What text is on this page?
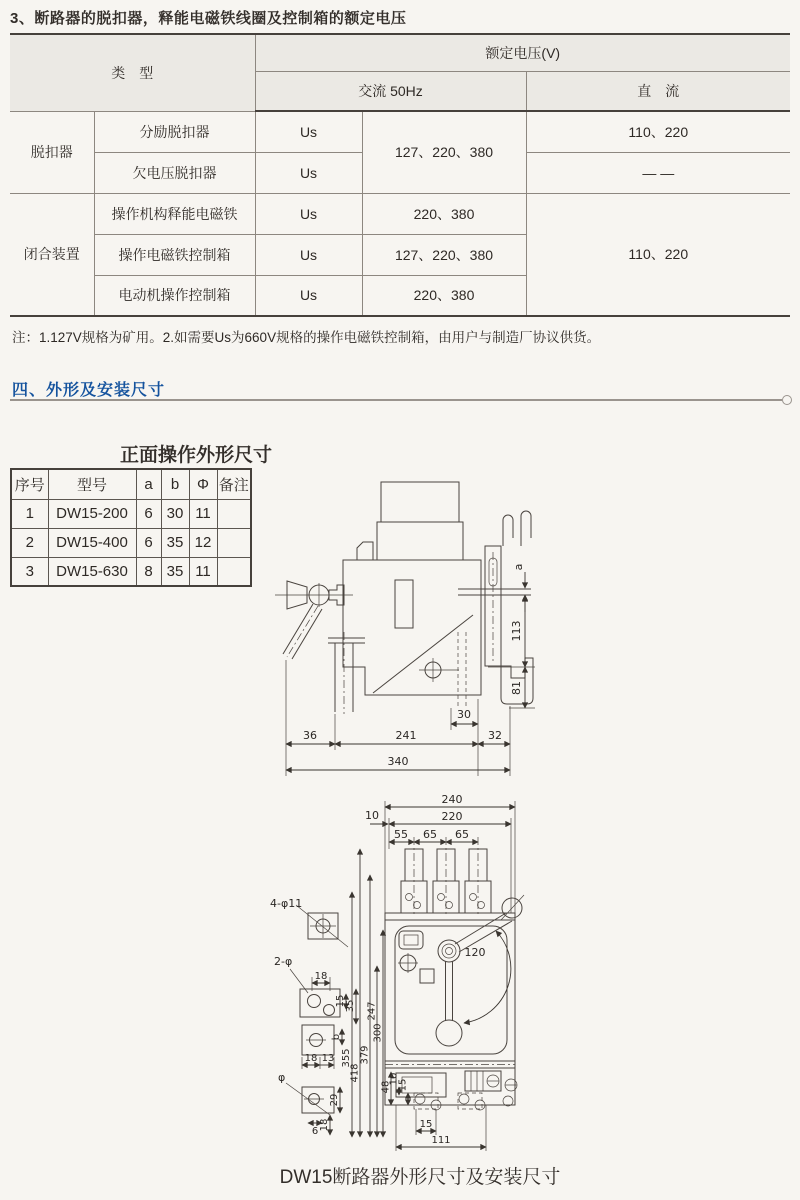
3、断路器的脱扣器，释能电磁铁线圈及控制箱的额定电压
类　型		额定电压(V)		
		交流 50Hz		直　流
脱扣器	分励脱扣器	Us	127、220、380	110、220
	欠电压脱扣器	Us		— —
闭合装置	操作机构释能电磁铁	Us	220、380	110、220
	操作电磁铁控制箱	Us	127、220、380	
	电动机操作控制箱	Us	220、380	
注：1.127V规格为矿用。2.如需要Us为660V规格的操作电磁铁控制箱，由用户与制造厂协议供货。
四、外形及安装尺寸
正面操作外形尺寸
序号	型号	a	b	Φ	备注
1	DW15-200	6	30	11	
2	DW15-400	6	35	12	
3	DW15-630	8	35	11	
30
36	241	32
340
a
113
81
240
220
10
55 65 65
4-φ11
2-φ
φ
18
15 35
b
18 13
6
29
18
355
418
379
247
300
120
48
10
15
15
111
DW15断路器外形尺寸及安装尺寸
